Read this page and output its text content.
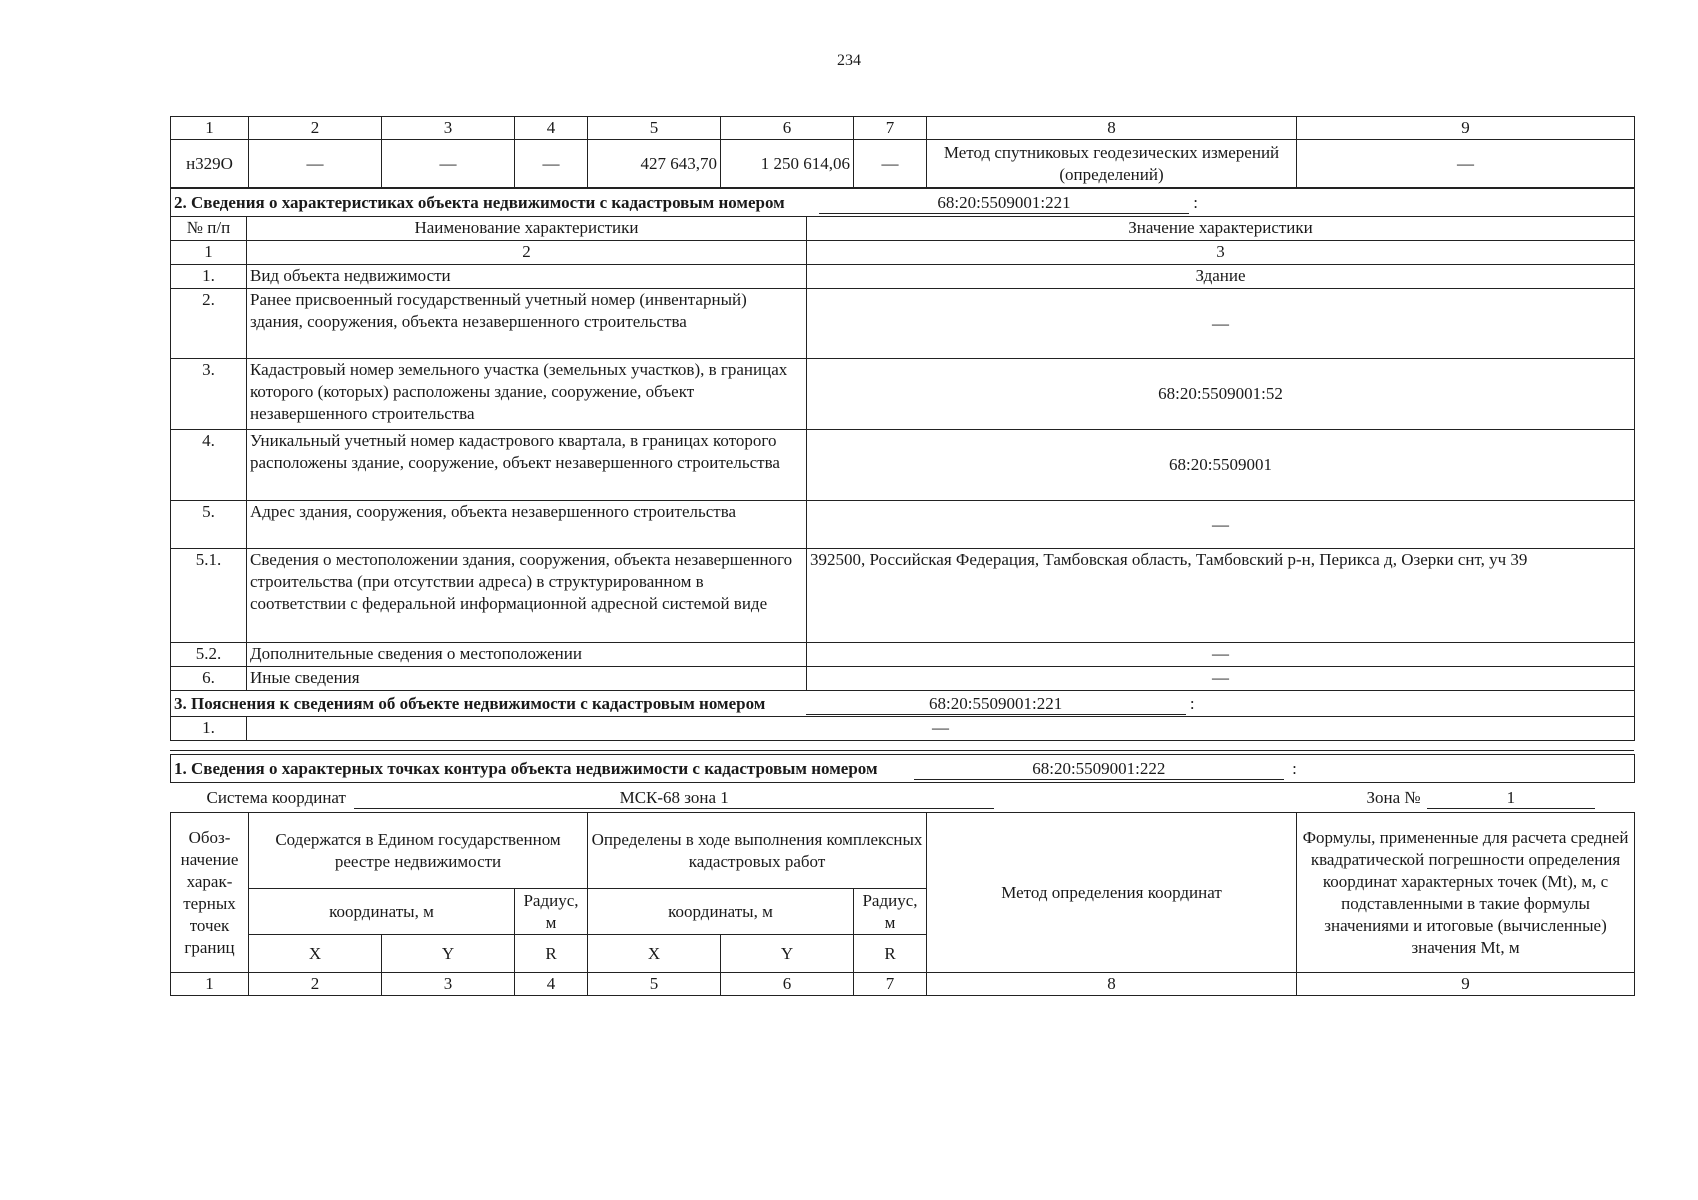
234
1	2	3	4	5	6	7	8	9
н329О	—	—	—	427 643,70	1 250 614,06	—	Метод спутниковых геодезических измерений (определений)	—
2. Сведения о характеристиках объекта недвижимости с кадастровым номером 68:20:5509001:221 :		
№ п/п	Наименование характеристики	Значение характеристики
1	2	3
1.	Вид объекта недвижимости	Здание
2.	Ранее присвоенный государственный учетный номер (инвентарный) здания, сооружения, объекта незавершенного строительства	—
3.	Кадастровый номер земельного участка (земельных участков), в границах которого (которых) расположены здание, сооружение, объект незавершенного строительства	68:20:5509001:52
4.	Уникальный учетный номер кадастрового квартала, в границах которого расположены здание, сооружение, объект незавершенного строительства	68:20:5509001
5.	Адрес здания, сооружения, объекта незавершенного строительства	—
5.1.	Сведения о местоположении здания, сооружения, объекта незавершенного строительства (при отсутствии адреса) в структурированном в соответствии с федеральной информационной адресной системой виде	392500, Российская Федерация, Тамбовская область, Тамбовский р-н, Перикса д, Озерки снт, уч 39
5.2.	Дополнительные сведения о местоположении	—
6.	Иные сведения	—
3. Пояснения к сведениям об объекте недвижимости с кадастровым номером 68:20:5509001:221 :		
1.	—	
1. Сведения о характерных точках контура объекта недвижимости с кадастровым номером 68:20:5509001:222 :								
Система координат МСК-68 зона 1 Зона № 1								
Обоз-начение харак-терных точек границ	Содержатся в Едином государственном реестре недвижимости			Определены в ходе выполнения комплексных кадастровых работ			Метод определения координат	Формулы, примененные для расчета средней квадратической погрешности определения координат характерных точек (Mt), м, с подставленными в такие формулы значениями и итоговые (вычисленные) значения Mt, м
	координаты, м		Радиус, м	координаты, м		Радиус, м		
	X	Y	R	X	Y	R		
1	2	3	4	5	6	7	8	9
